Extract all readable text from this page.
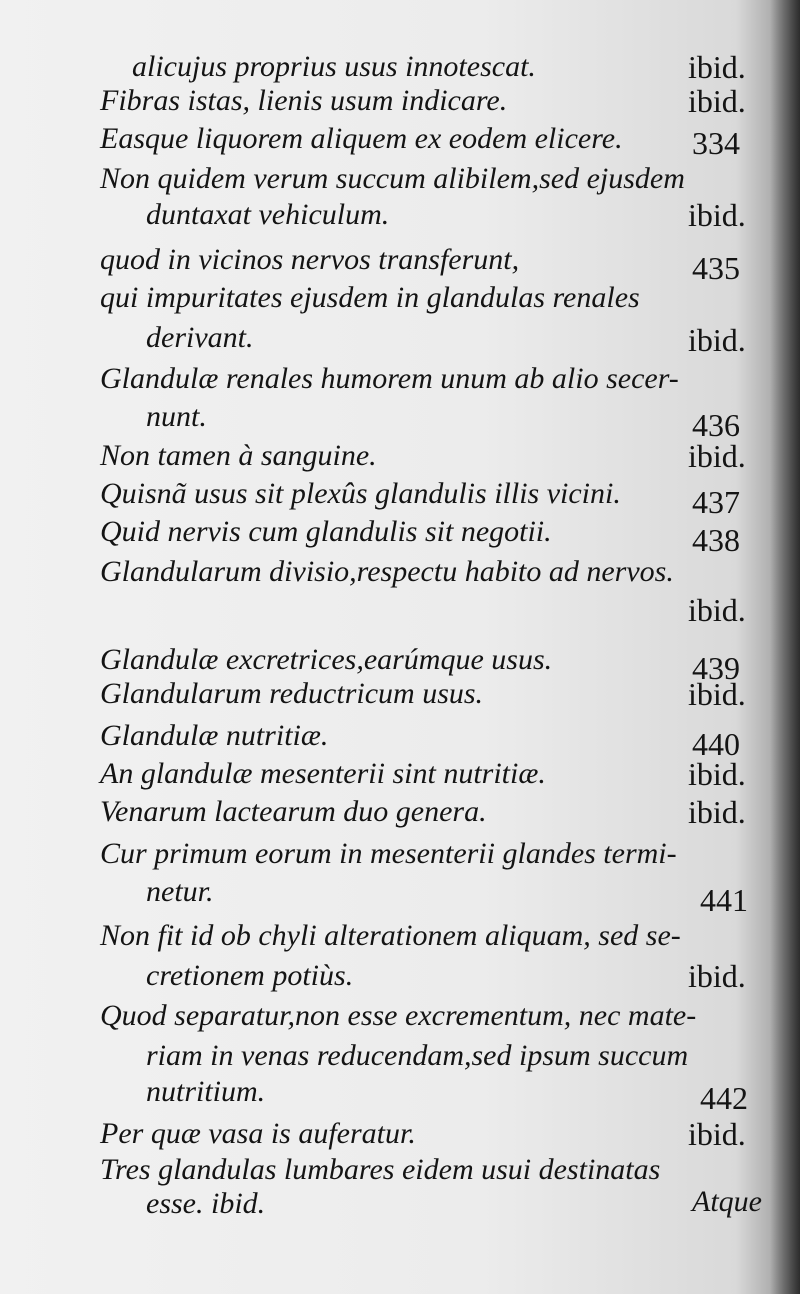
alicujus proprius usus innotescat.	ibid.
Fibras istas, lienis usum indicare.	ibid.
Easque liquorem aliquem ex eodem elicere. 334
Non quidem verum succum alibilem,sed ejusdem
duntaxat vehiculum.	ibid.
quod in vicinos nervos transferunt,	435
qui impuritates ejusdem in glandulas renales
derivant.	ibid.
Glandulæ renales humorem unum ab alio secer-
nunt.	436
Non tamen à sanguine.	ibid.
Quisnã usus sit plexûs glandulis illis vicini. 437
Quid nervis cum glandulis sit negotii.	438
Glandularum divisio,respectu habito ad nervos.
ibid.
Glandulæ excretrices,earúmque usus.	439
Glandularum reductricum usus.	ibid.
Glandulæ nutritiæ.	440
An glandulæ mesenterii sint nutritiæ.	ibid.
Venarum lactearum duo genera.	ibid.
Cur primum eorum in mesenterii glandes termi-
netur.	441
Non fit id ob chyli alterationem aliquam, sed se-
cretionem potiùs.	ibid.
Quod separatur,non esse excrementum, nec mate-
riam in venas reducendam,sed ipsum succum
nutritium.	442
Per quæ vasa is auferatur.	ibid.
Tres glandulas lumbares eidem usui destinatas
esse. ibid.	Atque
